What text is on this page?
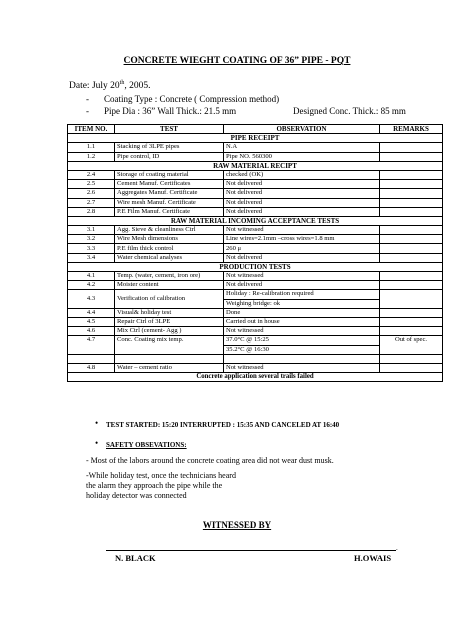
CONCRETE WIEGHT COATING OF 36” PIPE - PQT
Date: July 20th, 2005.
- Coating Type : Concrete ( Compression method)
- Pipe Dia : 36” Wall Thick.: 21.5 mm	Designed Conc. Thick.: 85 mm
ITEM NO.	TEST	OBSERVATION	REMARKS
PIPE RECEIPT			
1.1	Stacking of 3LPE pipes	N.A	
1.2	Pipe control, ID	Pipe NO. 560300	
RAW MATERIAL RECIPT			
2.4	Storage of coating material	checked (OK)	
2.5	Cement Manuf. Certificates	Not delivered	
2.6	Aggregates Manuf. Certificate	Not delivered	
2.7	Wire mesh Manuf. Certificate	Not delivered	
2.8	P.E Film Manuf. Certificate	Not delivered	
RAW MATERIAL INCOMING ACCEPTANCE TESTS			
3.1	Agg. Sieve & cleanliness Ctrl	Not witnessed	
3.2	Wire Mesh dimensions	Line wires=2.1mm –cross wires=1.8 mm	
3.3	P.E film thick control	260 μ	
3.4	Water chemical analyses	Not delivered	
PRODUCTION TESTS			
4.1	Temp. (water, cement, iron ore)	Not witnessed	
4.2	Moister content	Not delivered	
4.3	Verification of calibration	Holiday : Re-calibration required	
		Weighing bridge: ok	
4.4	Visual& holiday test	Done	
4.5	Repair Ctrl of 3LPE	Carried out in house	
4.6	Mix Ctrl (cement- Agg )	Not witnessed	
4.7	Conc. Coating mix temp.	37.0°C @ 15:25	Out of spec.
		35.2°C @ 16:30	

4.8	Water – cement ratio	Not witnessed	
Concrete application several trails failed			
• TEST STARTED: 15:20 INTERRUPTED : 15:35 AND CANCELED AT 16:40
• SAFETY OBSEVATIONS:
- Most of the labors around the concrete coating area did not wear dust musk.
-While holiday test, once the technicians heard
the alarm they approach the pipe while the
holiday detector was connected
WITNESSED BY
.
N. BLACK	H.OWAIS
